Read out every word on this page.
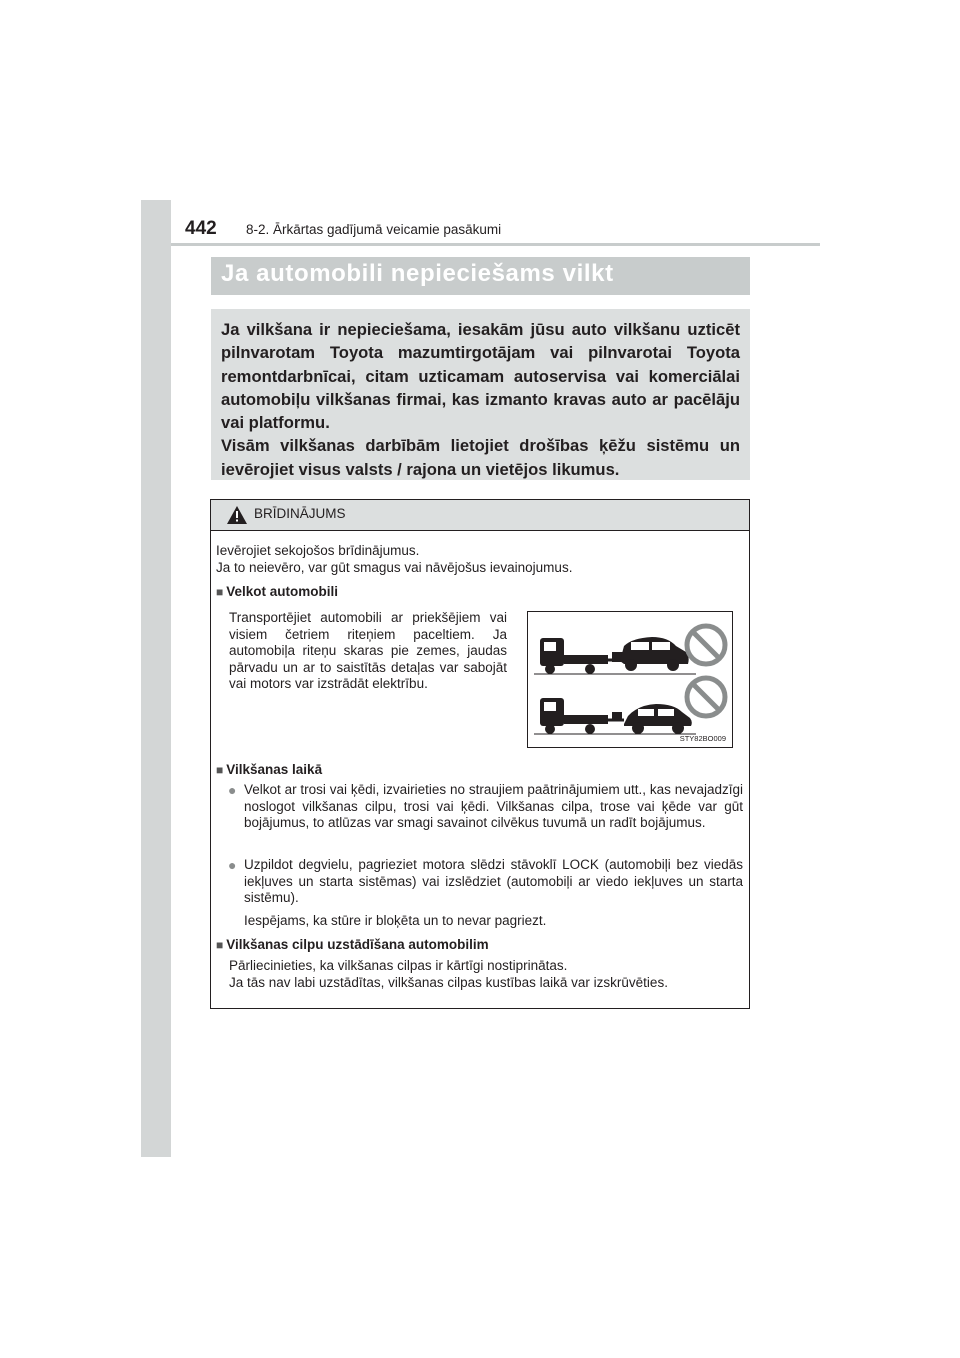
442 8-2. Ārkārtas gadījumā veicamie pasākumi
Ja automobili nepieciešams vilkt

Ja vilkšana ir nepieciešama, iesakām jūsu auto vilkšanu uzticēt pilnvarotam Toyota mazumtirgotājam vai pilnvarotai Toyota remontdarbnīcai, citam uzticamam autoservisa vai komerciālai automobiļu vilkšanas firmai, kas izmanto kravas auto ar pacēlāju vai platformu.

Visām vilkšanas darbībām lietojiet drošības ķēžu sistēmu un ievērojiet visus valsts / rajona un vietējos likumus.

BRĪDINĀJUMS
Ievērojiet sekojošos brīdinājumus.
Ja to neievēro, var gūt smagus vai nāvējošus ievainojumus.
■ Velkot automobili
Transportējiet automobili ar priekšējiem vai visiem četriem riteņiem paceltiem. Ja automobiļa riteņu skaras pie zemes, jaudas pārvadu un ar to saistītās detaļas var sabojāt vai motors var izstrādāt elektrību.
STY82BO009
■ Vilkšanas laikā
● Velkot ar trosi vai ķēdi, izvairieties no straujiem paātrinājumiem utt., kas nevajadzīgi noslogot vilkšanas cilpu, trosi vai ķēdi. Vilkšanas cilpa, trose vai ķēde var gūt bojājumus, to atlūzas var smagi savainot cilvēkus tuvumā un radīt bojājumus.
● Uzpildot degvielu, pagrieziet motora slēdzi stāvoklī LOCK (automobiļi bez viedās iekļuves un starta sistēmas) vai izslēdziet (automobiļi ar viedo iekļuves un starta sistēmu).
Iespējams, ka stūre ir bloķēta un to nevar pagriezt.
■ Vilkšanas cilpu uzstādīšana automobilim
Pārliecinieties, ka vilkšanas cilpas ir kārtīgi nostiprinātas.
Ja tās nav labi uzstādītas, vilkšanas cilpas kustības laikā var izskrūvēties.
